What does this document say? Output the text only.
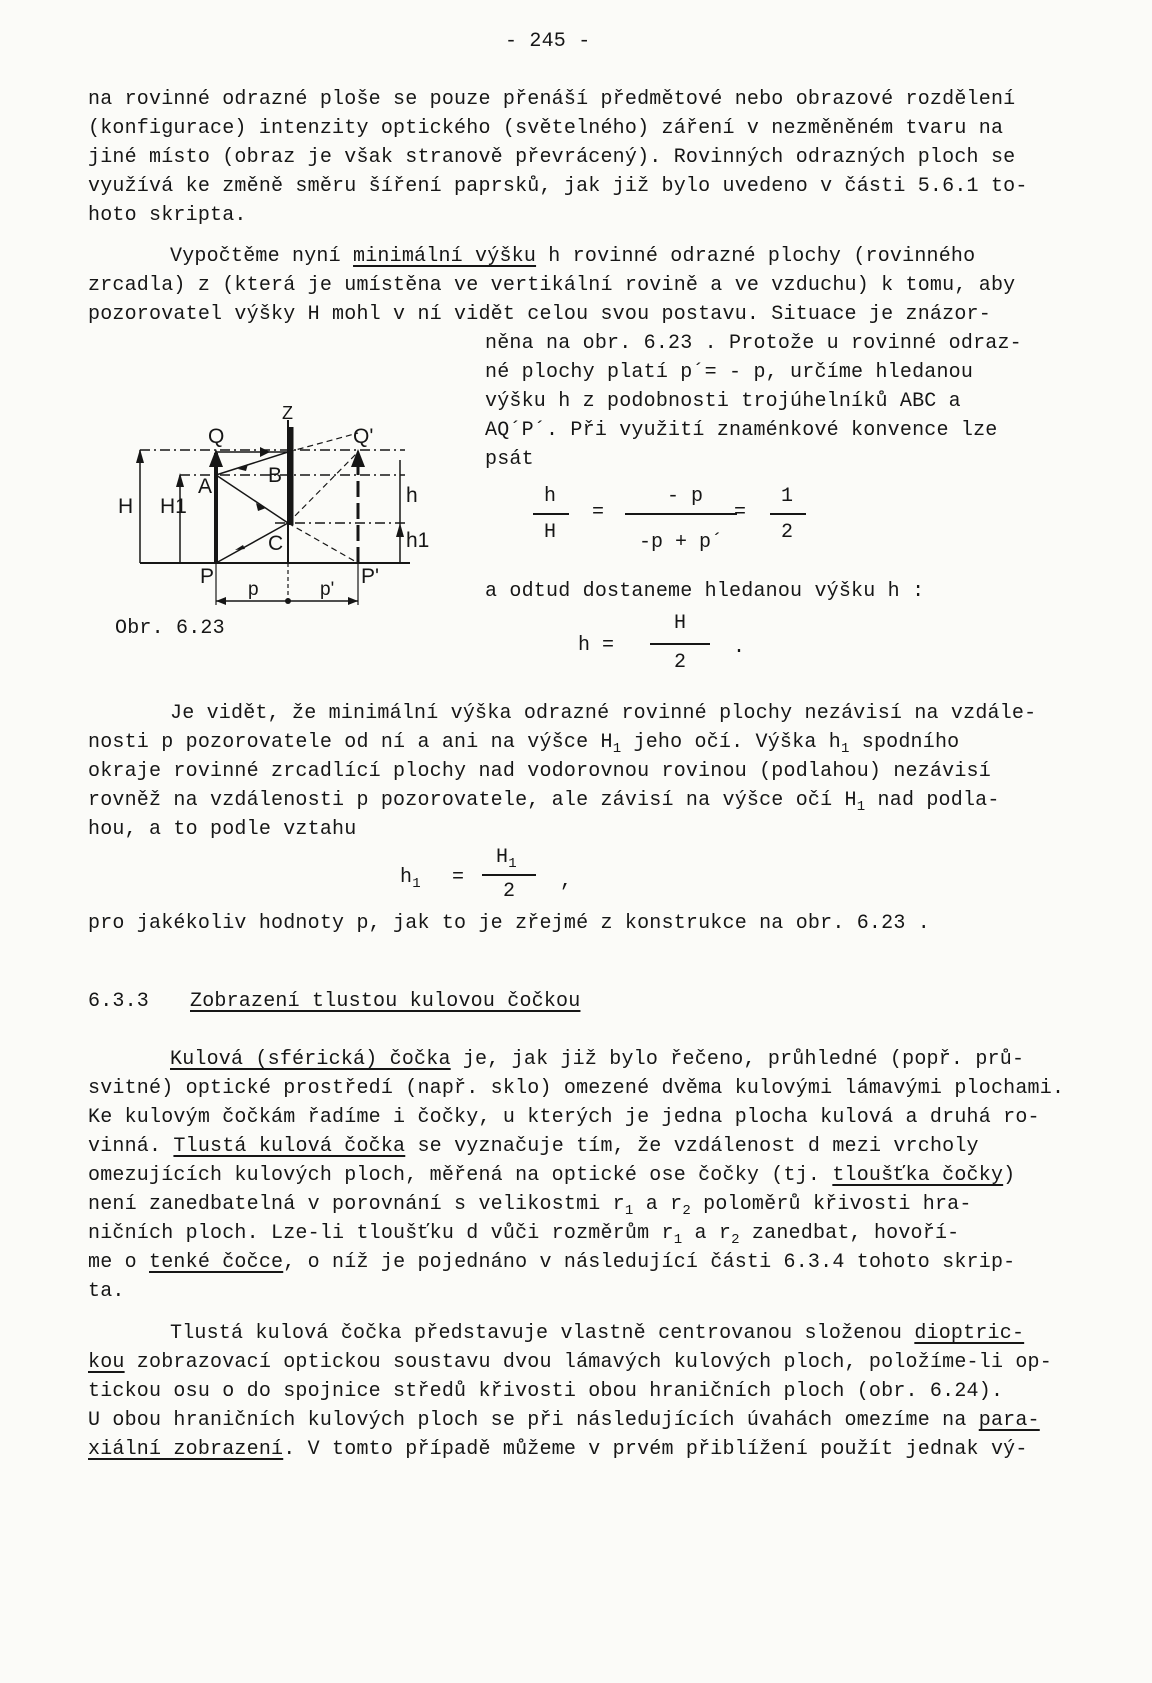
- 245 -
na rovinné odrazné ploše se pouze přenáší předmětové nebo obrazové rozdělení
(konfigurace) intenzity optického (světelného) záření v nezměněném tvaru na
jiné místo (obraz je však stranově převrácený). Rovinných odrazných ploch se
využívá ke změně směru šíření paprsků, jak již bylo uvedeno v části 5.6.1 to-
hoto skripta.
Vypočtěme nyní minimální výšku h rovinné odrazné plochy (rovinného
zrcadla) z (která je umístěna ve vertikální rovině a ve vzduchu) k tomu, aby
pozorovatel výšky H mohl v ní vidět celou svou postavu. Situace je znázor-
něna na obr. 6.23 . Protože u rovinné odraz-
né plochy platí p´= - p, určíme hledanou
výšku h z podobnosti trojúhelníků ABC a
AQ´P´. Při využití znaménkové konvence lze
psát
h
H
=
- p
-p + p´
=
1
2
a odtud dostaneme hledanou výšku h :
h =
H
2
.
Q	Q'
Z
A	B
C
P	P'
H H1	h
h1
p	p'
Obr. 6.23
Je vidět, že minimální výška odrazné rovinné plochy nezávisí na vzdále-
nosti p pozorovatele od ní a ani na výšce $H_1$ jeho očí. Výška $h_1$ spodního
okraje rovinné zrcadlící plochy nad vodorovnou rovinou (podlahou) nezávisí
rovněž na vzdálenosti p pozorovatele, ale závisí na výšce očí $H_1$ nad podla-
hou, a to podle vztahu
$h_1$ =
$H_1$
2	,
pro jakékoliv hodnoty p, jak to je zřejmé z konstrukce na obr. 6.23 .
6.3.3 Zobrazení tlustou kulovou čočkou
Kulová (sférická) čočka je, jak již bylo řečeno, průhledné (popř. prů-
svitné) optické prostředí (např. sklo) omezené dvěma kulovými lámavými plochami.
Ke kulovým čočkám řadíme i čočky, u kterých je jedna plocha kulová a druhá ro-
vinná. Tlustá kulová čočka se vyznačuje tím, že vzdálenost d mezi vrcholy
omezujících kulových ploch, měřená na optické ose čočky (tj. tloušťka čočky)
není zanedbatelná v porovnání s velikostmi $r_1$ a $r_2$ poloměrů křivosti hra-
ničních ploch. Lze-li tloušťku d vůči rozměrům $r_1$ a $r_2$ zanedbat, hovoří-
me o tenké čočce, o níž je pojednáno v následující části 6.3.4 tohoto skrip-
ta.
Tlustá kulová čočka představuje vlastně centrovanou složenou dioptric-
kou zobrazovací optickou soustavu dvou lámavých kulových ploch, položíme-li op-
tickou osu o do spojnice středů křivosti obou hraničních ploch (obr. 6.24).
U obou hraničních kulových ploch se při následujících úvahách omezíme na para-
xiální zobrazení. V tomto případě můžeme v prvém přiblížení použít jednak vý-
